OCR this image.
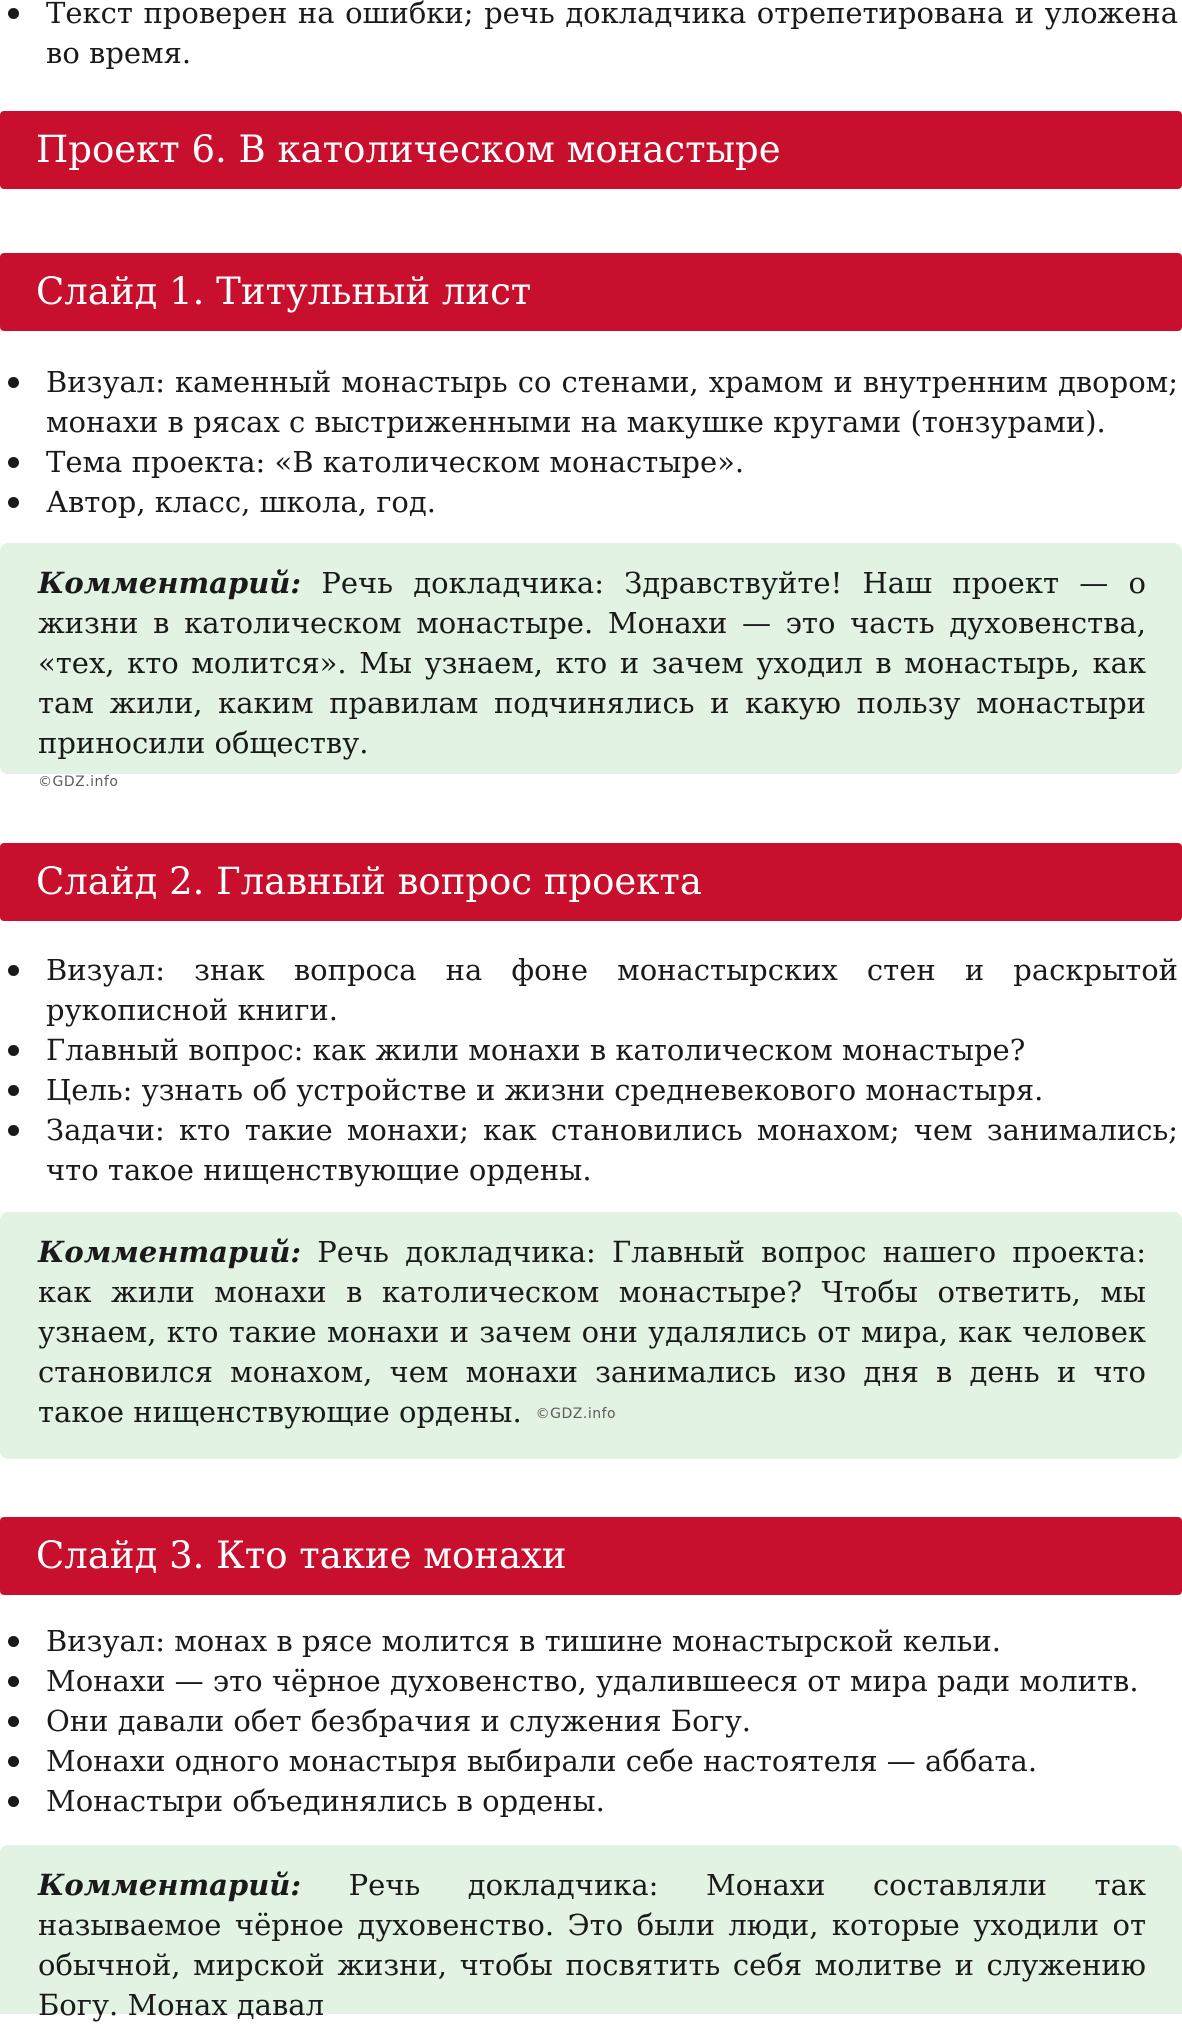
Текст проверен на ошибки; речь докладчика отрепетирована и уложена во время.
Проект 6. В католическом монастыре
Слайд 1. Титульный лист
Визуал: каменный монастырь со стенами, храмом и внутренним двором; монахи в рясах с выстриженными на макушке кругами (тонзурами).
Тема проекта: «В католическом монастыре».
Автор, класс, школа, год.
Комментарий: Речь докладчика: Здравствуйте! Наш проект — о жизни в католическом монастыре. Монахи — это часть духовенства, «тех, кто молится». Мы узнаем, кто и зачем уходил в монастырь, как там жили, каким правилам подчинялись и какую пользу монастыри приносили обществу.
©GDZ.info
Слайд 2. Главный вопрос проекта
Визуал: знак вопроса на фоне монастырских стен и раскрытой рукописной книги.
Главный вопрос: как жили монахи в католическом монастыре?
Цель: узнать об устройстве и жизни средневекового монастыря.
Задачи: кто такие монахи; как становились монахом; чем занимались; что такое нищенствующие ордены.
Комментарий: Речь докладчика: Главный вопрос нашего проекта: как жили монахи в католическом монастыре? Чтобы ответить, мы узнаем, кто такие монахи и зачем они удалялись от мира, как человек становился монахом, чем монахи занимались изо дня в день и что такое нищенствующие ордены. ©GDZ.info
Слайд 3. Кто такие монахи
Визуал: монах в рясе молится в тишине монастырской кельи.
Монахи — это чёрное духовенство, удалившееся от мира ради молитв.
Они давали обет безбрачия и служения Богу.
Монахи одного монастыря выбирали себе настоятеля — аббата.
Монастыри объединялись в ордены.
Комментарий: Речь докладчика: Монахи составляли так называемое чёрное духовенство. Это были люди, которые уходили от обычной, мирской жизни, чтобы посвятить себя молитве и служению Богу. Монах давал
